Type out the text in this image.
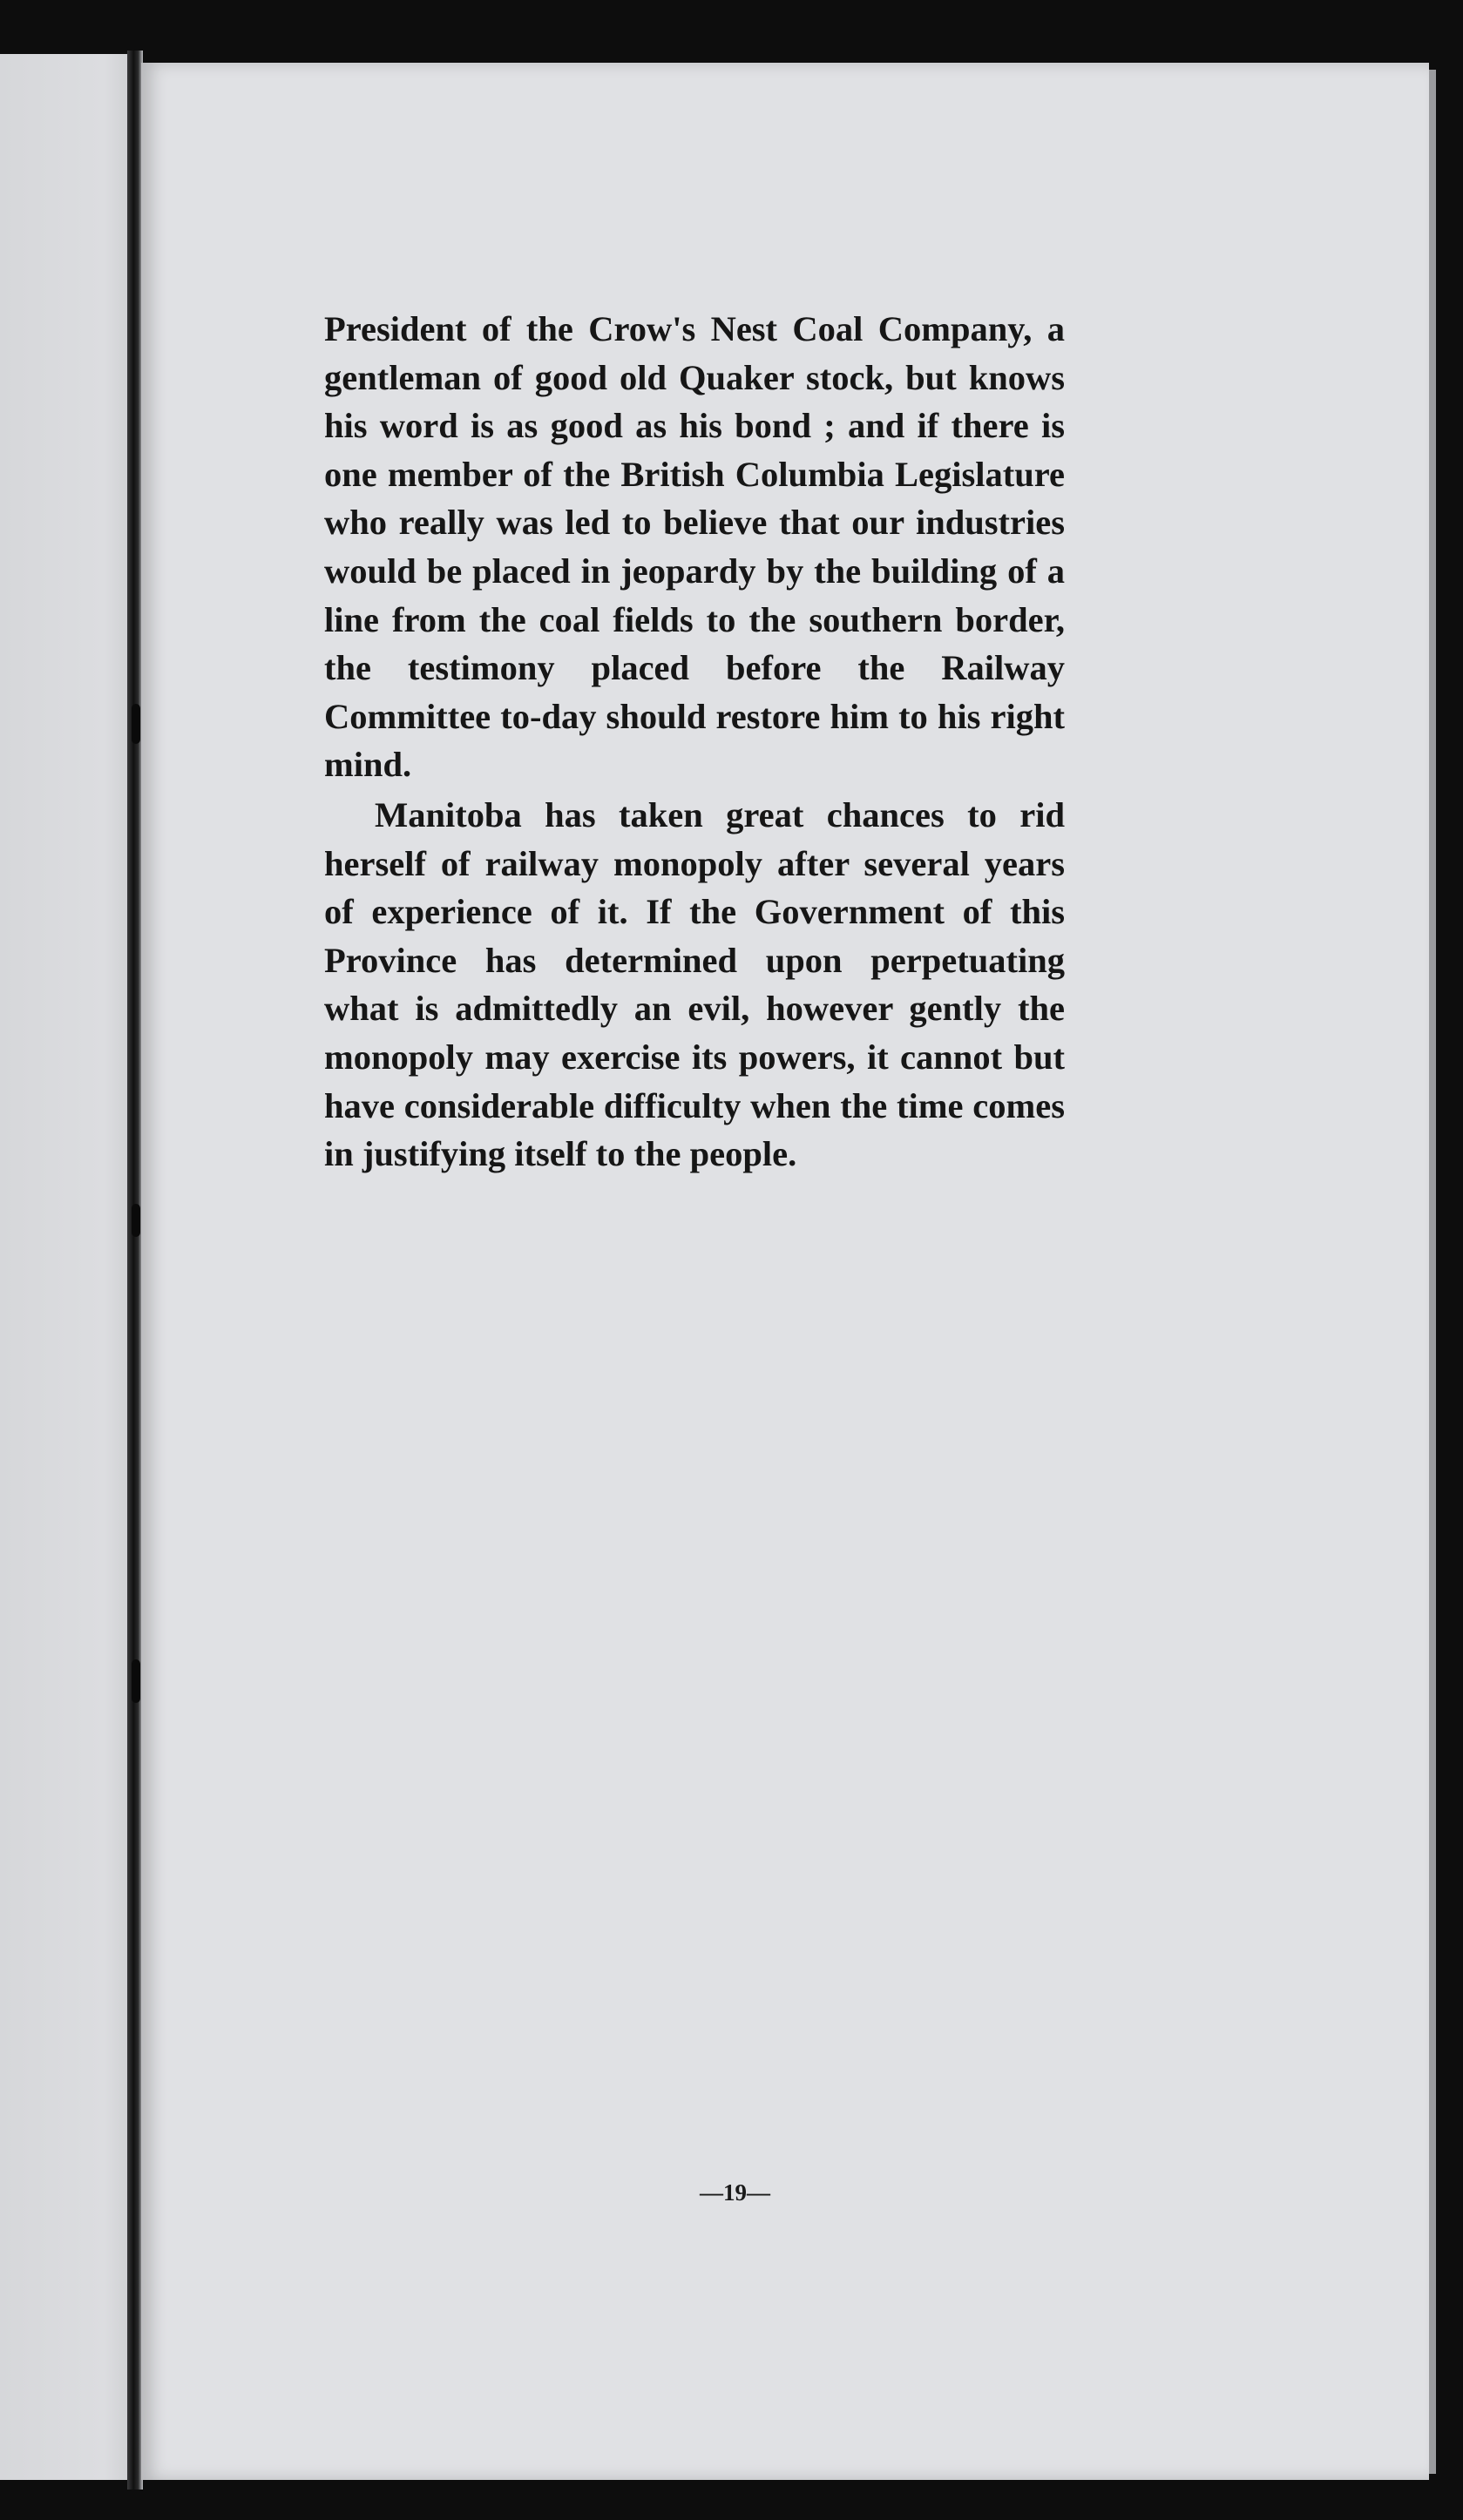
President of the Crow's Nest Coal Company, a gentleman of good old Quaker stock, but knows his word is as good as his bond ; and if there is one member of the British Columbia Legislature who really was led to believe that our industries would be placed in jeopardy by the building of a line from the coal fields to the southern border, the testimony placed before the Railway Committee to-day should restore him to his right mind.

Manitoba has taken great chances to rid herself of railway monopoly after several years of experience of it. If the Government of this Province has determined upon perpetuating what is admittedly an evil, however gently the monopoly may exercise its powers, it cannot but have considerable difficulty when the time comes in justifying itself to the people.

—19—
